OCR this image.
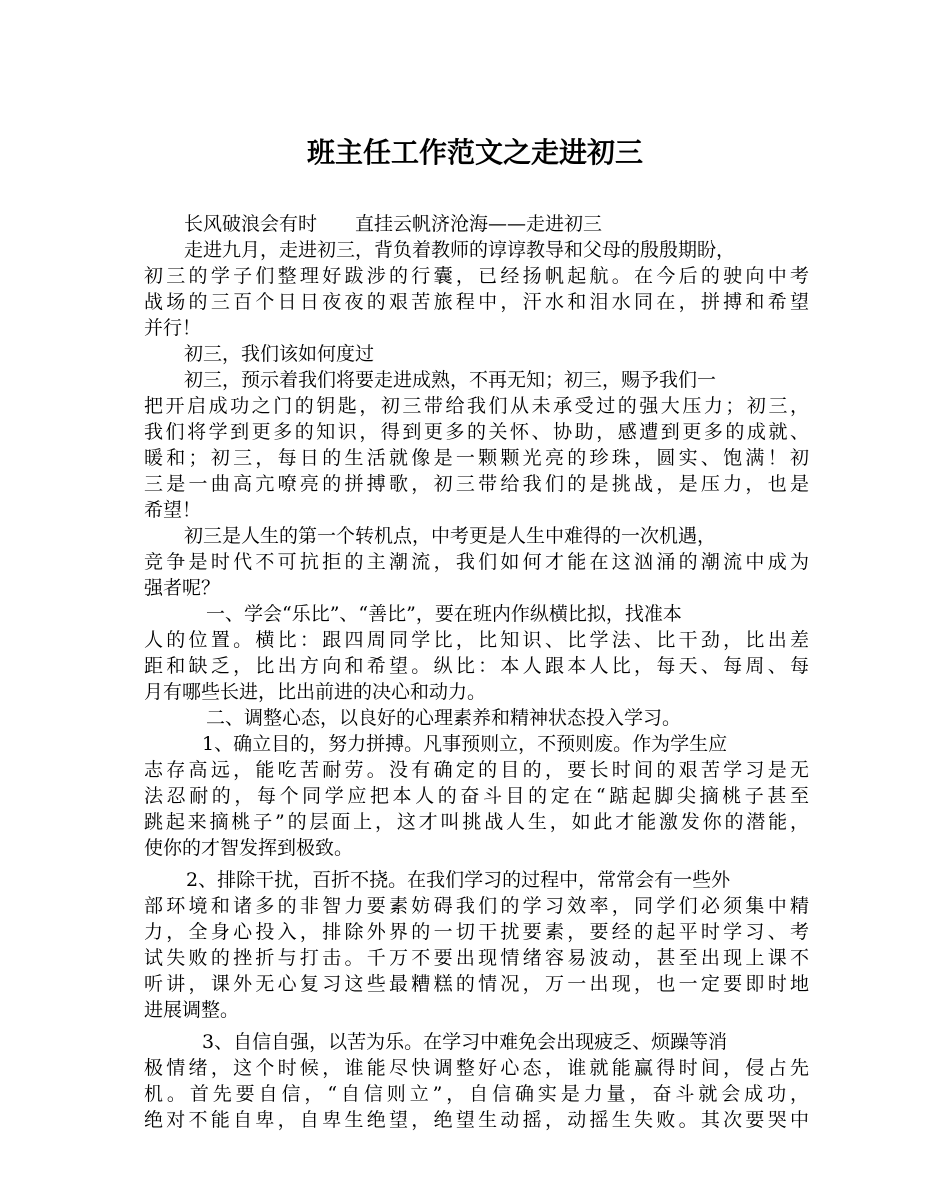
班主任工作范文之走进初三
长风破浪会有时　　直挂云帆济沧海——走进初三
走进九月，走进初三，背负着教师的谆谆教导和父母的殷殷期盼，
初三的学子们整理好跋涉的行囊，已经扬帆起航。在今后的驶向中考
战场的三百个日日夜夜的艰苦旅程中，汗水和泪水同在，拼搏和希望
并行！
初三，我们该如何度过
初三，预示着我们将要走进成熟，不再无知；初三，赐予我们一
把开启成功之门的钥匙，初三带给我们从未承受过的强大压力；初三，
我们将学到更多的知识，得到更多的关怀、协助，感遭到更多的成就、
暖和；初三，每日的生活就像是一颗颗光亮的珍珠，圆实、饱满！初
三是一曲高亢嘹亮的拼搏歌，初三带给我们的是挑战，是压力，也是
希望！
初三是人生的第一个转机点，中考更是人生中难得的一次机遇，
竞争是时代不可抗拒的主潮流，我们如何才能在这汹涌的潮流中成为
强者呢？
一、学会“乐比”、“善比”，要在班内作纵横比拟，找准本
人的位置。横比：跟四周同学比，比知识、比学法、比干劲，比出差
距和缺乏，比出方向和希望。纵比：本人跟本人比，每天、每周、每
月有哪些长进，比出前进的决心和动力。
二、调整心态，以良好的心理素养和精神状态投入学习。
1、确立目的，努力拼搏。凡事预则立，不预则废。作为学生应
志存高远，能吃苦耐劳。没有确定的目的，要长时间的艰苦学习是无
法忍耐的，每个同学应把本人的奋斗目的定在“踮起脚尖摘桃子甚至
跳起来摘桃子”的层面上，这才叫挑战人生，如此才能激发你的潜能，
使你的才智发挥到极致。
2、排除干扰，百折不挠。在我们学习的过程中，常常会有一些外
部环境和诸多的非智力要素妨碍我们的学习效率，同学们必须集中精
力，全身心投入，排除外界的一切干扰要素，要经的起平时学习、考
试失败的挫折与打击。千万不要出现情绪容易波动，甚至出现上课不
听讲，课外无心复习这些最糟糕的情况，万一出现，也一定要即时地
进展调整。
3、自信自强，以苦为乐。在学习中难免会出现疲乏、烦躁等消
极情绪，这个时候，谁能尽快调整好心态，谁就能赢得时间，侵占先
机。首先要自信，“自信则立”，自信确实是力量，奋斗就会成功，
绝对不能自卑，自卑生绝望，绝望生动摇，动摇生失败。其次要哭中
